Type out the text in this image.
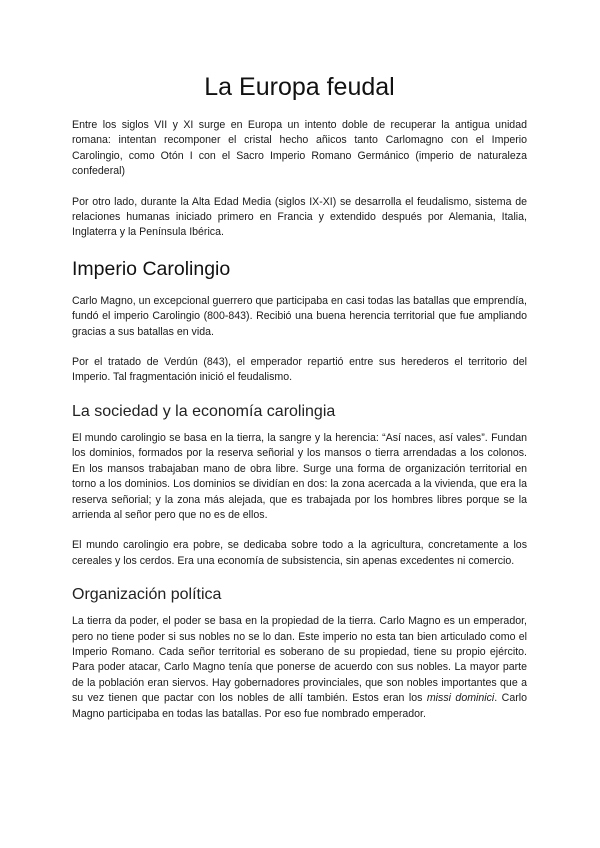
La Europa feudal

Entre los siglos VII y XI surge en Europa un intento doble de recuperar la antigua unidad romana: intentan recomponer el cristal hecho añicos tanto Carlomagno con el Imperio Carolingio, como Otón I con el Sacro Imperio Romano Germánico (imperio de naturaleza confederal)

Por otro lado, durante la Alta Edad Media (siglos IX-XI) se desarrolla el feudalismo, sistema de relaciones humanas iniciado primero en Francia y extendido después por Alemania, Italia, Inglaterra y la Península Ibérica.

Imperio Carolingio

Carlo Magno, un excepcional guerrero que participaba en casi todas las batallas que emprendía, fundó el imperio Carolingio (800-843). Recibió una buena herencia territorial que fue ampliando gracias a sus batallas en vida.

Por el tratado de Verdún (843), el emperador repartió entre sus herederos el territorio del Imperio. Tal fragmentación inició el feudalismo.

La sociedad y la economía carolingia

El mundo carolingio se basa en la tierra, la sangre y la herencia: “Así naces, así vales”. Fundan los dominios, formados por la reserva señorial y los mansos o tierra arrendadas a los colonos. En los mansos trabajaban mano de obra libre. Surge una forma de organización territorial en torno a los dominios. Los dominios se dividían en dos: la zona acercada a la vivienda, que era la reserva señorial; y la zona más alejada, que es trabajada por los hombres libres porque se la arrienda al señor pero que no es de ellos.

El mundo carolingio era pobre, se dedicaba sobre todo a la agricultura, concretamente a los cereales y los cerdos. Era una economía de subsistencia, sin apenas excedentes ni comercio.

Organización política

La tierra da poder, el poder se basa en la propiedad de la tierra. Carlo Magno es un emperador, pero no tiene poder si sus nobles no se lo dan. Este imperio no esta tan bien articulado como el Imperio Romano. Cada señor territorial es soberano de su propiedad, tiene su propio ejército. Para poder atacar, Carlo Magno tenía que ponerse de acuerdo con sus nobles. La mayor parte de la población eran siervos. Hay gobernadores provinciales, que son nobles importantes que a su vez tienen que pactar con los nobles de allí también. Estos eran los missi dominici. Carlo Magno participaba en todas las batallas. Por eso fue nombrado emperador.
